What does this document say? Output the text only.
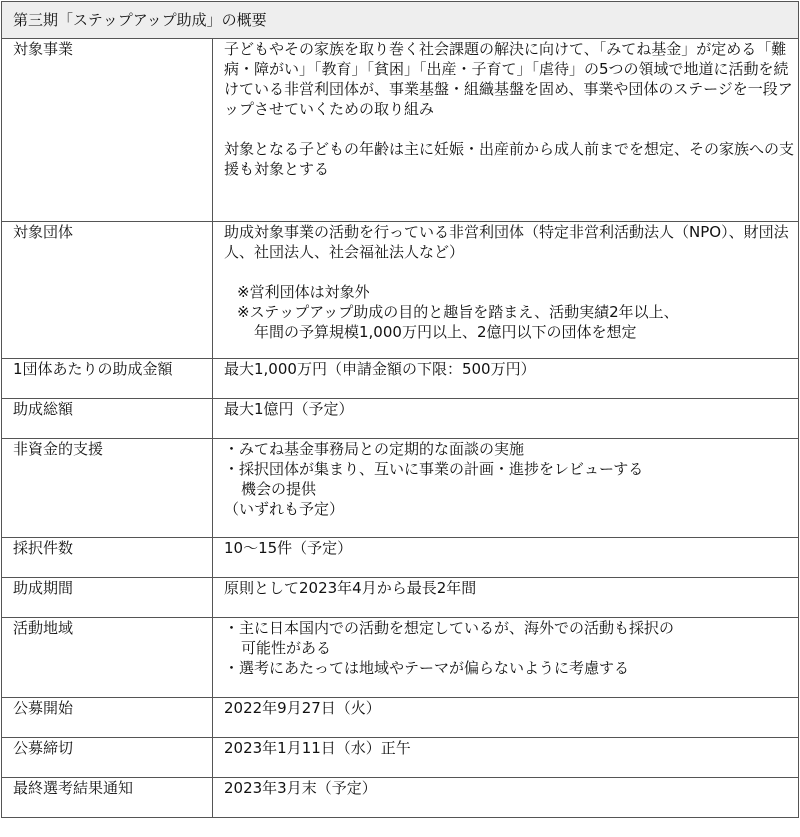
第三期「ステップアップ助成」の概要	
対象事業	子どもやその家族を取り巻く社会課題の解決に向けて、「みてね基金」が定める「難病・障がい」「教育」「貧困」「出産・子育て」「虐待」の5つの領域で地道に活動を続けている非営利団体が、事業基盤・組織基盤を固め、事業や団体のステージを一段アップさせていくための取り組み
対象となる子どもの年齢は主に妊娠・出産前から成人前までを想定、その家族への支援も対象とする

対象団体	助成対象事業の活動を行っている非営利団体（特定非営利活動法人（NPO）、財団法人、社団法人、社会福祉法人など）
※営利団体は対象外
※ステップアップ助成の目的と趣旨を踏まえ、活動実績2年以上、
年間の予算規模1,000万円以上、2億円以下の団体を想定

1団体あたりの助成金額	最大1,000万円（申請金額の下限：500万円）
助成総額	最大1億円（予定）
非資金的支援	・みてね基金事務局との定期的な面談の実施
・採択団体が集まり、互いに事業の計画・進捗をレビューする
機会の提供
（いずれも予定）

採択件数	10〜15件（予定）
助成期間	原則として2023年4月から最長2年間
活動地域	・主に日本国内での活動を想定しているが、海外での活動も採択の
可能性がある
・選考にあたっては地域やテーマが偏らないように考慮する

公募開始	2022年9月27日（火）
公募締切	2023年1月11日（水）正午
最終選考結果通知	2023年3月末（予定）
